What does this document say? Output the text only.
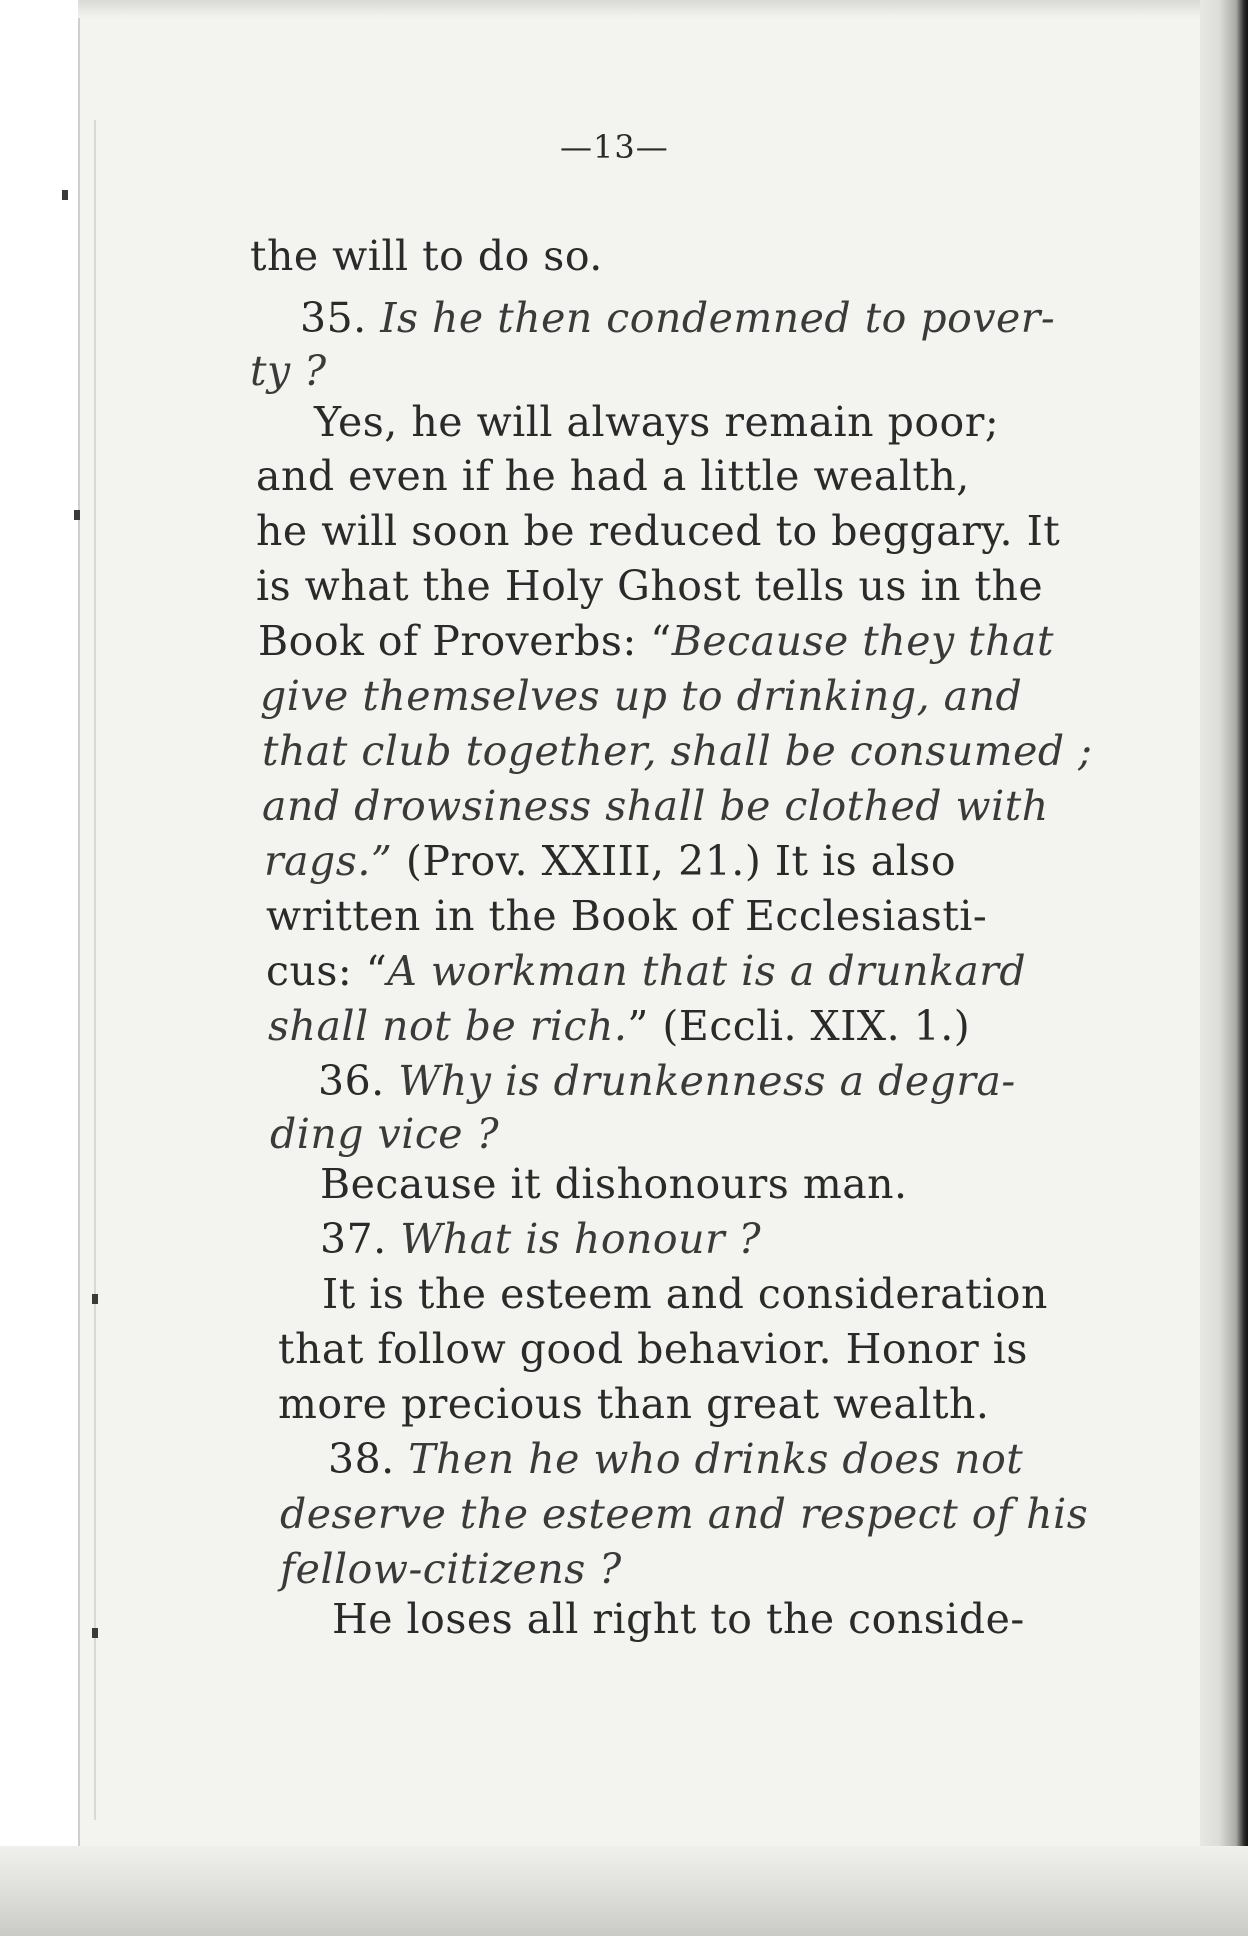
—13—
the will to do so.
35. Is he then condemned to pover-
ty ?
Yes, he will always remain poor;
and even if he had a little wealth,
he will soon be reduced to beggary. It
is what the Holy Ghost tells us in the
Book of Proverbs: “Because they that
give themselves up to drinking, and
that club together, shall be consumed ;
and drowsiness shall be clothed with
rags.” (Prov. XXIII, 21.) It is also
written in the Book of Ecclesiasti-
cus: “A workman that is a drunkard
shall not be rich.” (Eccli. XIX. 1.)
36. Why is drunkenness a degra-
ding vice ?
Because it dishonours man.
37. What is honour ?
It is the esteem and consideration
that follow good behavior. Honor is
more precious than great wealth.
38. Then he who drinks does not
deserve the esteem and respect of his
fellow-citizens ?
He loses all right to the conside-
